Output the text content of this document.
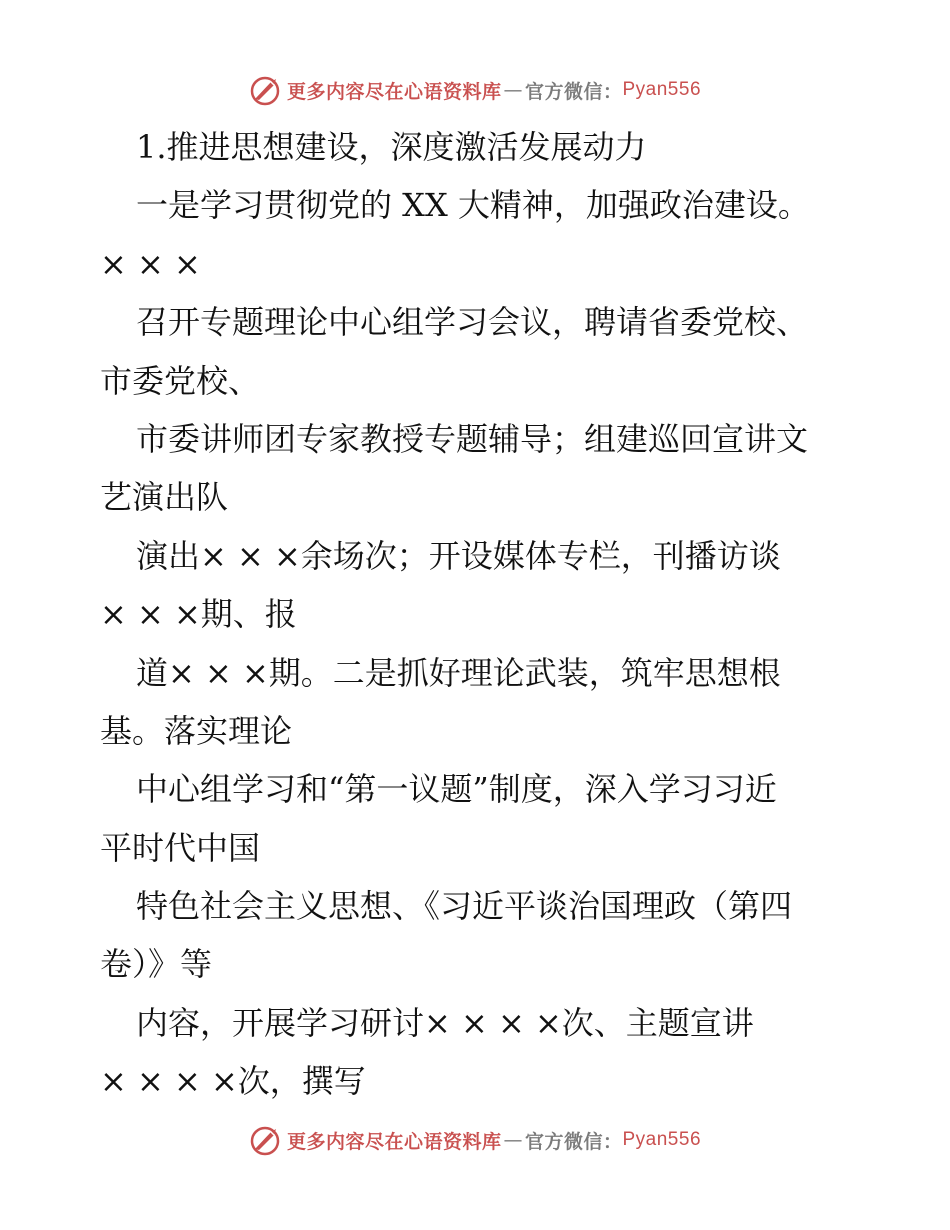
更多内容尽在心语资料库 — 官方微信： Pyan556
1.推进思想建设，深度激活发展动力
一是学习贯彻党的 XX 大精神，加强政治建设。
× × ×
召开专题理论中心组学习会议，聘请省委党校、
市委党校、
市委讲师团专家教授专题辅导；组建巡回宣讲文
艺演出队
演出× × ×余场次；开设媒体专栏，刊播访谈
× × ×期、报
道× × ×期。二是抓好理论武装，筑牢思想根
基。落实理论
中心组学习和“第一议题”制度，深入学习习近
平时代中国
特色社会主义思想、《习近平谈治国理政（第四
卷）》等
内容，开展学习研讨× × × ×次、主题宣讲
× × × ×次，撰写
更多内容尽在心语资料库 — 官方微信： Pyan556
